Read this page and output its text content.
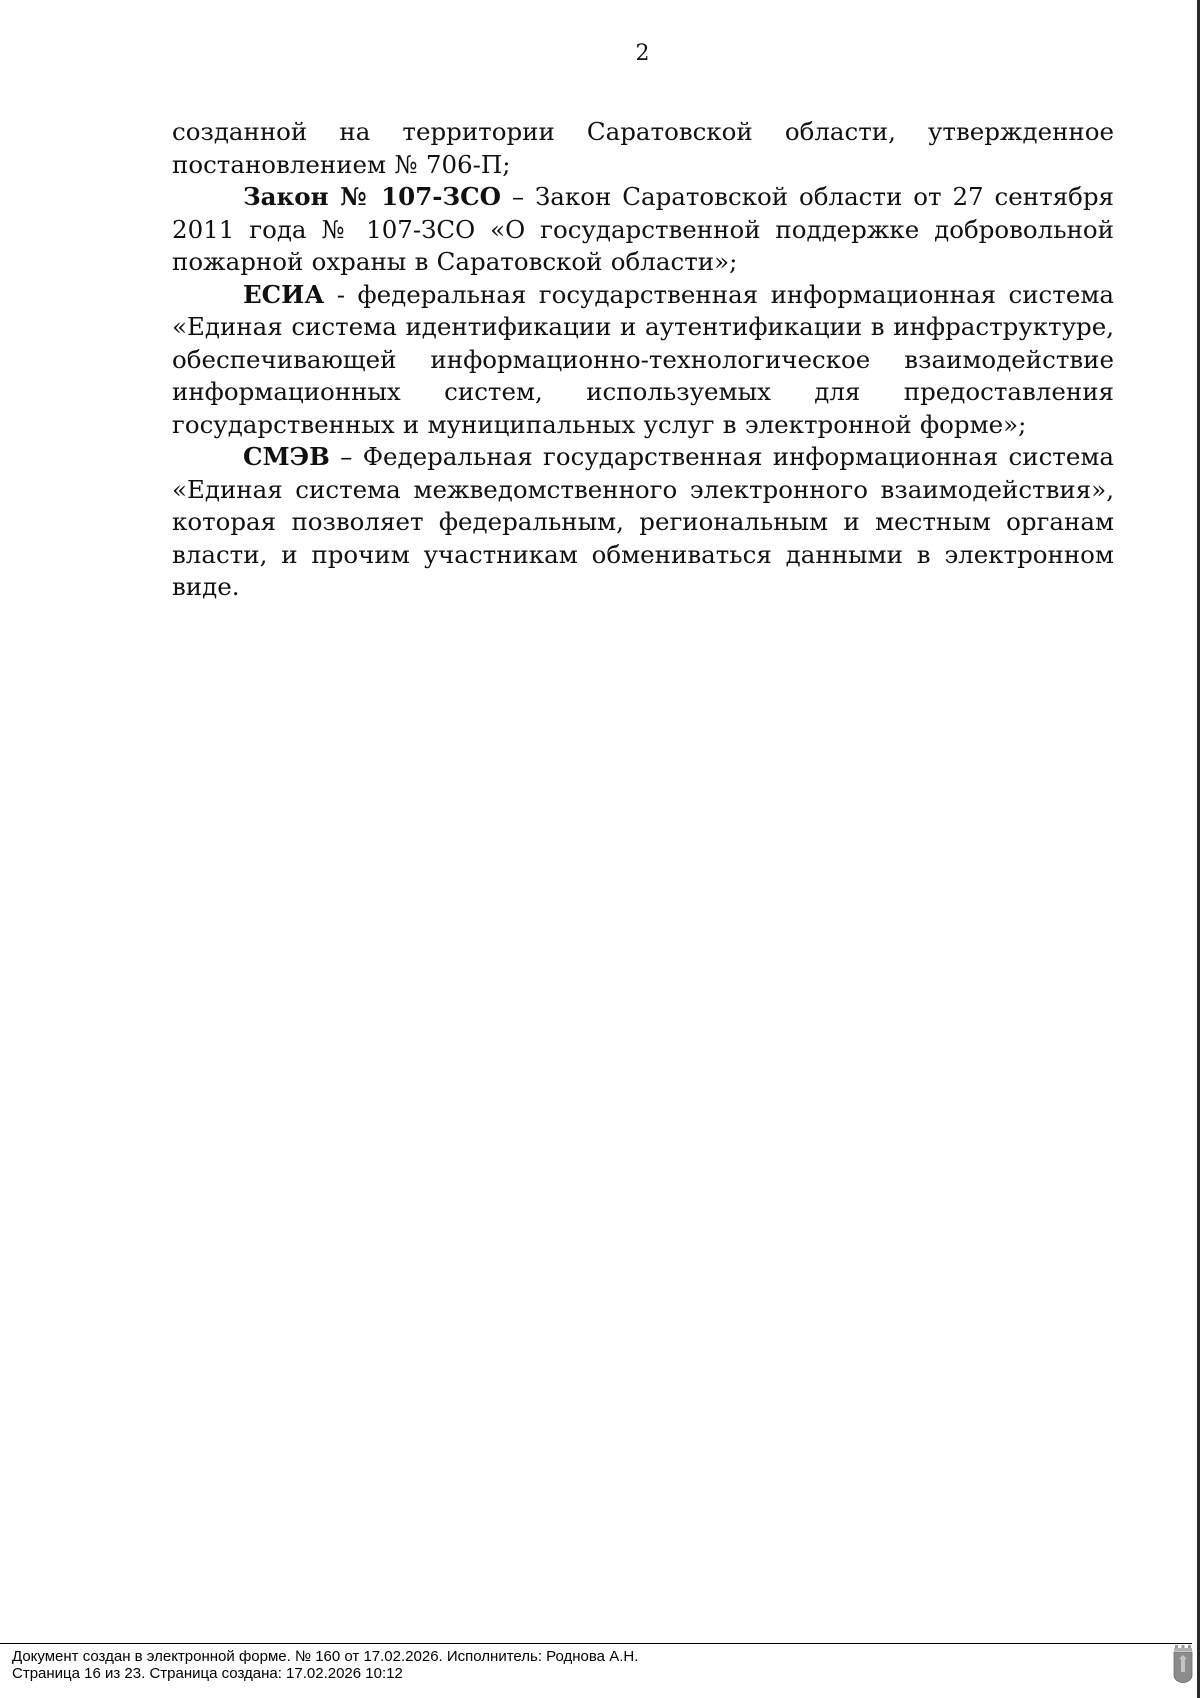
2

созданной на территории Саратовской области, утвержденное постановлением № 706-П;

Закон № 107-ЗСО – Закон Саратовской области от 27 сентября 2011 года № 107-ЗСО «О государственной поддержке добровольной пожарной охраны в Саратовской области»;

ЕСИА - федеральная государственная информационная система «Единая система идентификации и аутентификации в инфраструктуре, обеспечивающей информационно-технологическое взаимодействие информационных систем, используемых для предоставления государственных и муниципальных услуг в электронной форме»;

СМЭВ – Федеральная государственная информационная система «Единая система межведомственного электронного взаимодействия», которая позволяет федеральным, региональным и местным органам власти, и прочим участникам обмениваться данными в электронном виде.

Документ создан в электронной форме. № 160 от 17.02.2026. Исполнитель: Роднова А.Н.
Страница 16 из 23. Страница создана: 17.02.2026 10:12
